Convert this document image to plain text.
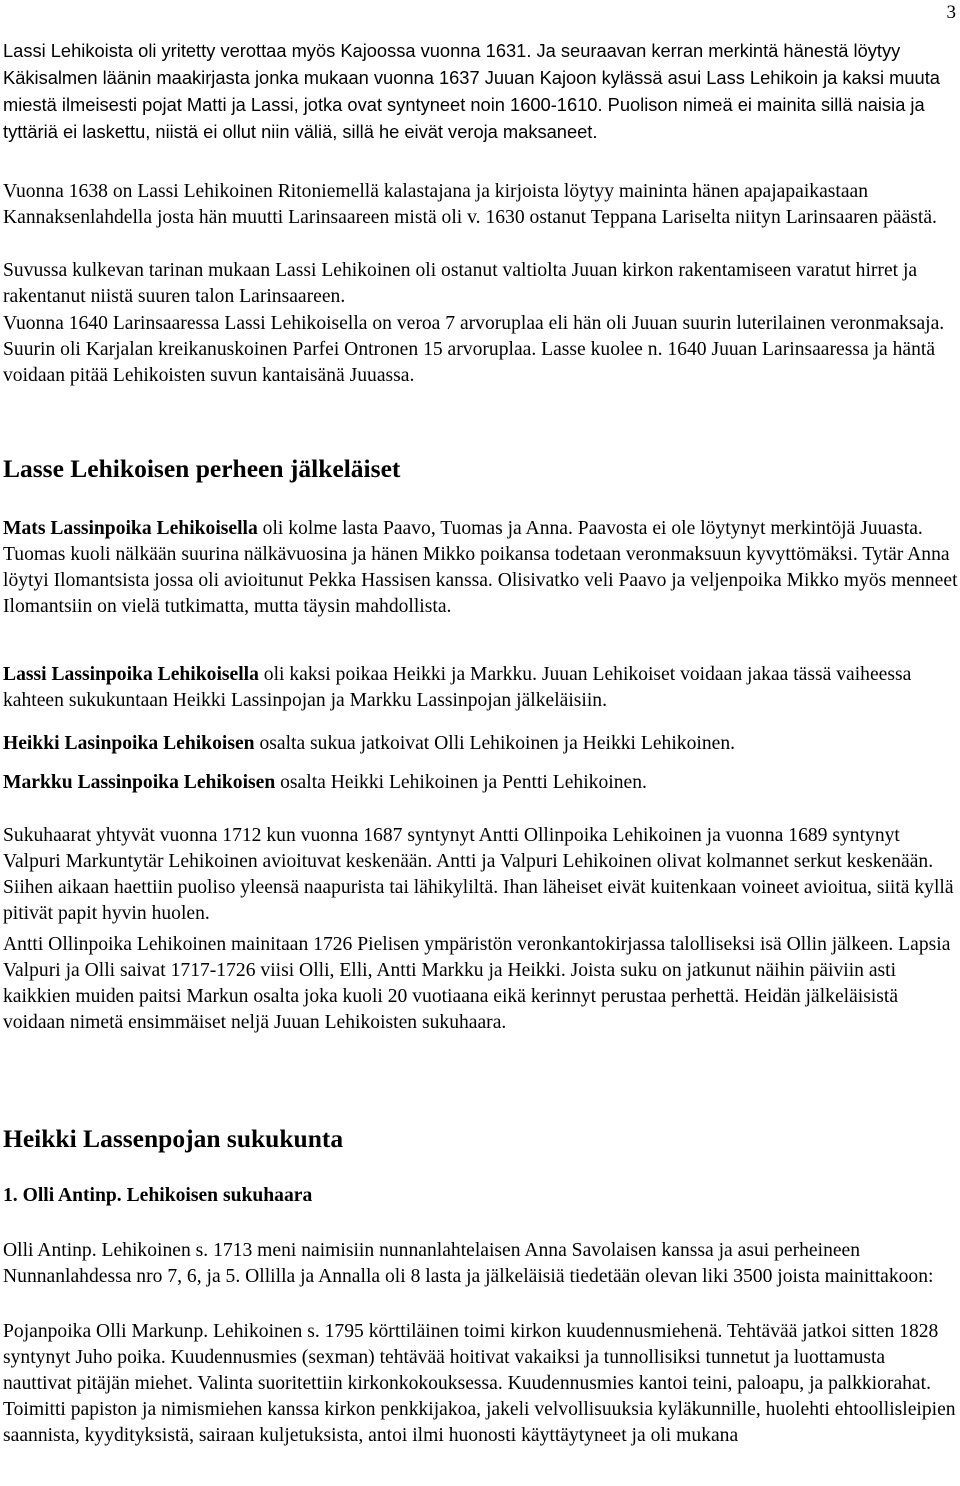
3

Lassi Lehikoista oli yritetty verottaa myös Kajoossa vuonna 1631. Ja seuraavan kerran merkintä hänestä löytyy Käkisalmen läänin maakirjasta jonka mukaan vuonna 1637 Juuan Kajoon kylässä asui Lass Lehikoin ja kaksi muuta miestä ilmeisesti pojat Matti ja Lassi, jotka ovat syntyneet noin 1600-1610. Puolison nimeä ei mainita sillä naisia ja tyttäriä ei laskettu, niistä ei ollut niin väliä, sillä he eivät veroja maksaneet.

Vuonna 1638 on Lassi Lehikoinen Ritoniemellä kalastajana ja kirjoista löytyy maininta hänen apajapaikastaan Kannaksenlahdella josta hän muutti Larinsaareen mistä oli v. 1630 ostanut Teppana Lariselta niityn Larinsaaren päästä.

Suvussa kulkevan tarinan mukaan Lassi Lehikoinen oli ostanut valtiolta Juuan kirkon rakentamiseen varatut hirret ja rakentanut niistä suuren talon Larinsaareen.

Vuonna 1640 Larinsaaressa Lassi Lehikoisella on veroa 7 arvoruplaa eli hän oli Juuan suurin luterilainen veronmaksaja. Suurin oli Karjalan kreikanuskoinen Parfei Ontronen 15 arvoruplaa. Lasse kuolee n. 1640 Juuan Larinsaaressa ja häntä voidaan pitää Lehikoisten suvun kantaisänä Juuassa.

Lasse Lehikoisen perheen jälkeläiset

Mats Lassinpoika Lehikoisella oli kolme lasta Paavo, Tuomas ja Anna. Paavosta ei ole löytynyt merkintöjä Juuasta. Tuomas kuoli nälkään suurina nälkävuosina ja hänen Mikko poikansa todetaan veronmaksuun kyvyttömäksi. Tytär Anna löytyi Ilomantsista jossa oli avioitunut Pekka Hassisen kanssa. Olisivatko veli Paavo ja veljenpoika Mikko myös menneet Ilomantsiin on vielä tutkimatta, mutta täysin mahdollista.

Lassi Lassinpoika Lehikoisella oli kaksi poikaa Heikki ja Markku. Juuan Lehikoiset voidaan jakaa tässä vaiheessa kahteen sukukuntaan Heikki Lassinpojan ja Markku Lassinpojan jälkeläisiin.

Heikki Lasinpoika Lehikoisen osalta sukua jatkoivat Olli Lehikoinen ja Heikki Lehikoinen.

Markku Lassinpoika Lehikoisen osalta Heikki Lehikoinen ja Pentti Lehikoinen.

Sukuhaarat yhtyvät vuonna 1712 kun vuonna 1687 syntynyt Antti Ollinpoika Lehikoinen ja vuonna 1689 syntynyt Valpuri Markuntytär Lehikoinen avioituvat keskenään. Antti ja Valpuri Lehikoinen olivat kolmannet serkut keskenään. Siihen aikaan haettiin puoliso yleensä naapurista tai lähikyliltä. Ihan läheiset eivät kuitenkaan voineet avioitua, siitä kyllä pitivät papit hyvin huolen.

Antti Ollinpoika Lehikoinen mainitaan 1726 Pielisen ympäristön veronkantokirjassa talolliseksi isä Ollin jälkeen. Lapsia Valpuri ja Olli saivat 1717-1726 viisi Olli, Elli, Antti Markku ja Heikki. Joista suku on jatkunut näihin päiviin asti kaikkien muiden paitsi Markun osalta joka kuoli 20 vuotiaana eikä kerinnyt perustaa perhettä. Heidän jälkeläisistä voidaan nimetä ensimmäiset neljä Juuan Lehikoisten sukuhaara.

Heikki Lassenpojan sukukunta
1. Olli Antinp. Lehikoisen sukuhaara

Olli Antinp. Lehikoinen s. 1713 meni naimisiin nunnanlahtelaisen Anna Savolaisen kanssa ja asui perheineen Nunnanlahdessa nro 7, 6, ja 5. Ollilla ja Annalla oli 8 lasta ja jälkeläisiä tiedetään olevan liki 3500 joista mainittakoon:

Pojanpoika Olli Markunp. Lehikoinen s. 1795 körttiläinen toimi kirkon kuudennusmiehenä. Tehtävää jatkoi sitten 1828 syntynyt Juho poika. Kuudennusmies (sexman) tehtävää hoitivat vakaiksi ja tunnollisiksi tunnetut ja luottamusta nauttivat pitäjän miehet. Valinta suoritettiin kirkonkokouksessa. Kuudennusmies kantoi teini, paloapu, ja palkkiorahat. Toimitti papiston ja nimismiehen kanssa kirkon penkkijakoa, jakeli velvollisuuksia kyläkunnille, huolehti ehtoollisleipien saannista, kyydityksistä, sairaan kuljetuksista, antoi ilmi huonosti käyttäytyneet ja oli mukana
